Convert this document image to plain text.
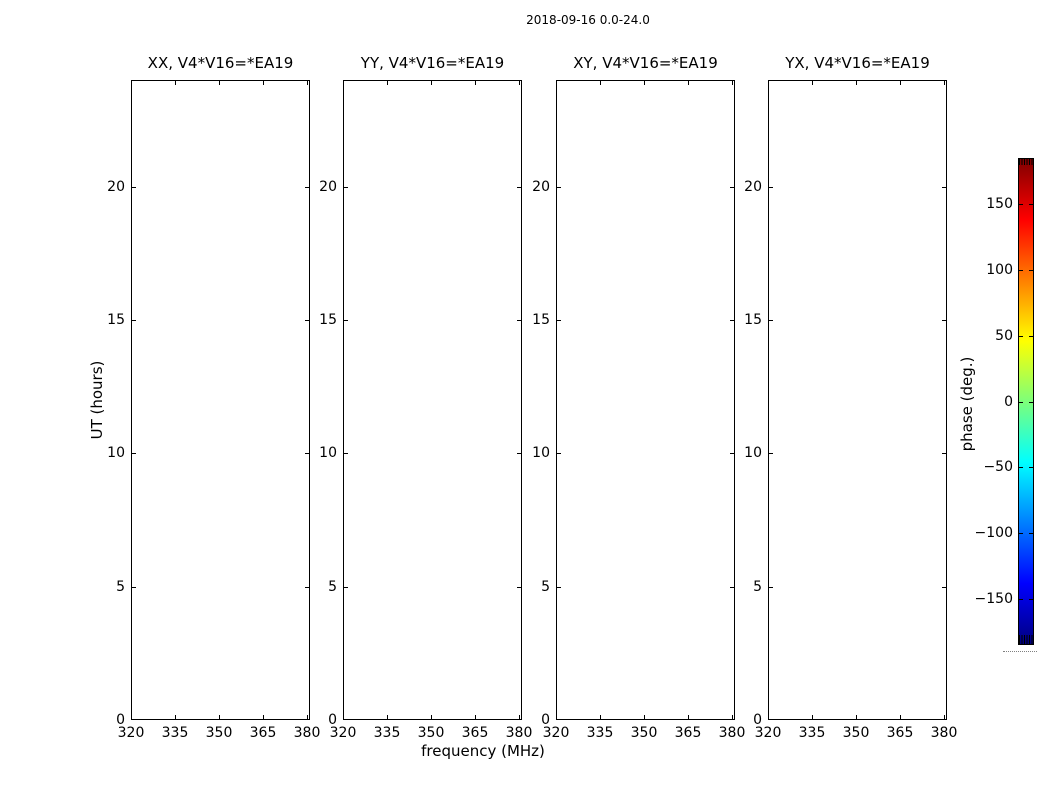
2018-09-16 0.0-24.0
XX, V4*V16=*EA19
320	335	350	365	380
0
5
10
15
20
YY, V4*V16=*EA19
320	335	350	365	380
0
5
10
15
20
XY, V4*V16=*EA19
320	335	350	365	380
0
5
10
15
20
YX, V4*V16=*EA19
320	335	350	365	380
0
5
10
15
20
frequency (MHz)
UT (hours)
150
100
50
0
−50
−100
−150
phase (deg.)
